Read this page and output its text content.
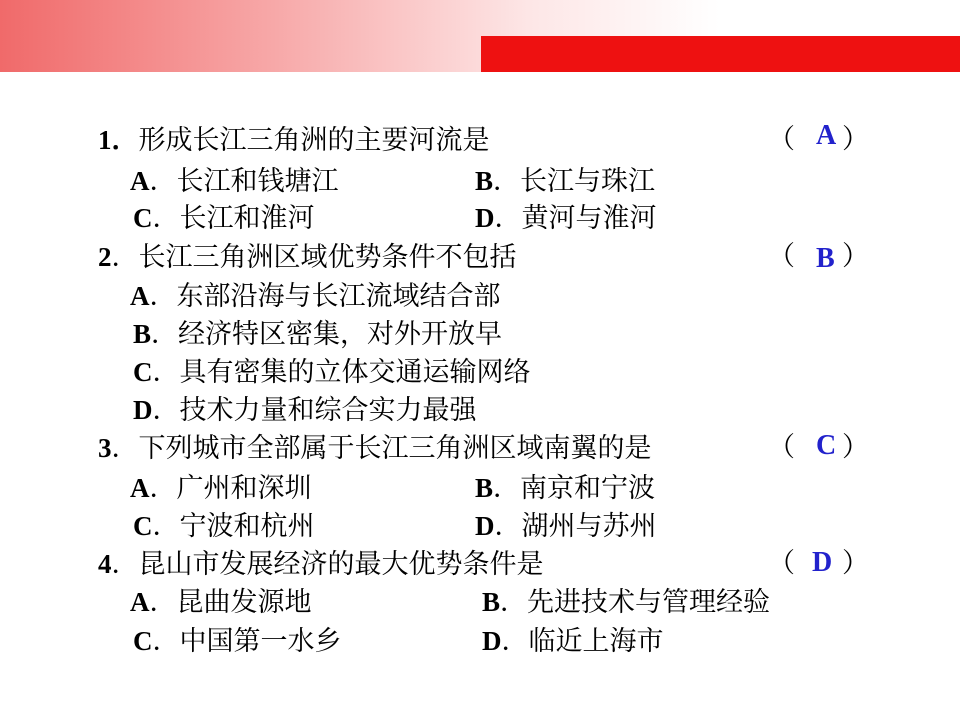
1．形成长江三角洲的主要河流是	（ A ）
A．长江和钱塘江	B．长江与珠江
C．长江和淮河	D．黄河与淮河
2．长江三角洲区域优势条件不包括	（ B ）
A．东部沿海与长江流域结合部
B．经济特区密集，对外开放早
C．具有密集的立体交通运输网络
D．技术力量和综合实力最强
3．下列城市全部属于长江三角洲区域南翼的是	（ C ）
A．广州和深圳	B．南京和宁波
C．宁波和杭州	D．湖州与苏州
4．昆山市发展经济的最大优势条件是	（ D ）
A．昆曲发源地	B．先进技术与管理经验
C．中国第一水乡	D．临近上海市
